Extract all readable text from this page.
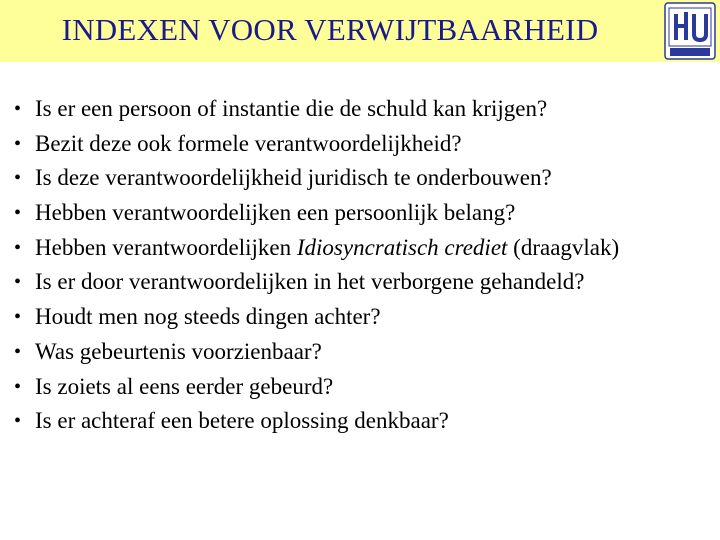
INDEXEN VOOR VERWIJTBAARHEID
• Is er een persoon of instantie die de schuld kan krijgen?
• Bezit deze ook formele verantwoordelijkheid?
• Is deze verantwoordelijkheid juridisch te onderbouwen?
• Hebben verantwoordelijken een persoonlijk belang?
• Hebben verantwoordelijken Idiosyncratisch crediet (draagvlak)
• Is er door verantwoordelijken in het verborgene gehandeld?
• Houdt men nog steeds dingen achter?
• Was gebeurtenis voorzienbaar?
• Is zoiets al eens eerder gebeurd?
• Is er achteraf een betere oplossing denkbaar?
